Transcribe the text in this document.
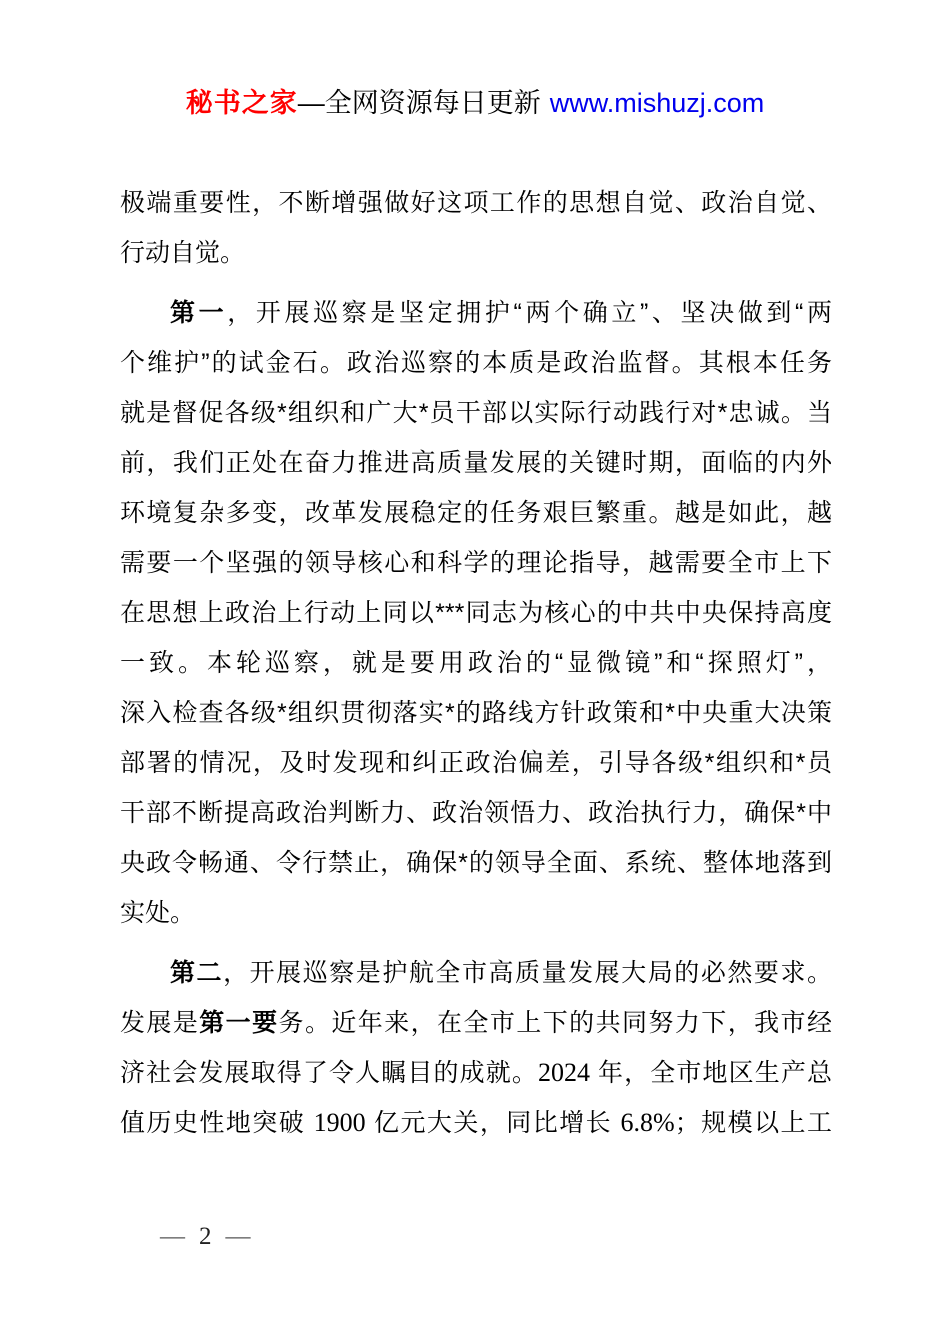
秘书之家—全网资源每日更新 www.mishuzj.com
极端重要性，不断增强做好这项工作的思想自觉、政治自觉、
行动自觉。
第一，开展巡察是坚定拥护“两个确立”、坚决做到“两
个维护”的试金石。政治巡察的本质是政治监督。其根本任务
就是督促各级*组织和广大*员干部以实际行动践行对*忠诚。当
前，我们正处在奋力推进高质量发展的关键时期，面临的内外
环境复杂多变，改革发展稳定的任务艰巨繁重。越是如此，越
需要一个坚强的领导核心和科学的理论指导，越需要全市上下
在思想上政治上行动上同以***同志为核心的中共中央保持高度
一致。本轮巡察，就是要用政治的“显微镜”和“探照灯”，
深入检查各级*组织贯彻落实*的路线方针政策和*中央重大决策
部署的情况，及时发现和纠正政治偏差，引导各级*组织和*员
干部不断提高政治判断力、政治领悟力、政治执行力，确保*中
央政令畅通、令行禁止，确保*的领导全面、系统、整体地落到
实处。
第二，开展巡察是护航全市高质量发展大局的必然要求。
发展是第一要务。近年来，在全市上下的共同努力下，我市经
济社会发展取得了令人瞩目的成就。2024 年，全市地区生产总
值历史性地突破 1900 亿元大关，同比增长 6.8%；规模以上工
— 2 —
